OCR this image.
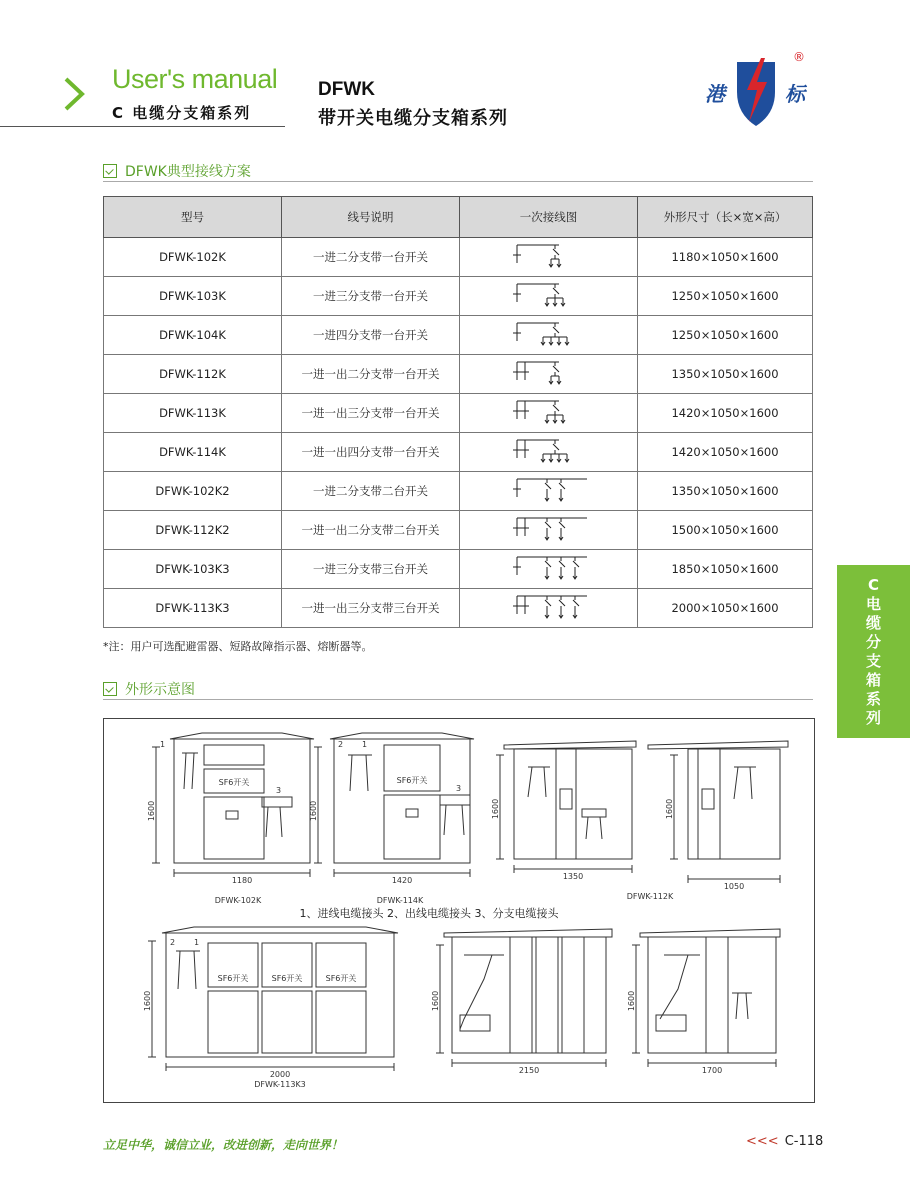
User's manual
C 电缆分支箱系列
DFWK
带开关电缆分支箱系列
港	标
®
DFWK典型接线方案
型号	线号说明	一次接线图	外形尺寸（长×宽×高）
DFWK-102K	一进二分支带一台开关		1180×1050×1600
DFWK-103K	一进三分支带一台开关		1250×1050×1600
DFWK-104K	一进四分支带一台开关		1250×1050×1600
DFWK-112K	一进一出二分支带一台开关		1350×1050×1600
DFWK-113K	一进一出三分支带一台开关		1420×1050×1600
DFWK-114K	一进一出四分支带一台开关		1420×1050×1600
DFWK-102K2	一进二分支带二台开关		1350×1050×1600
DFWK-112K2	一进一出二分支带二台开关		1500×1050×1600
DFWK-103K3	一进三分支带三台开关		1850×1050×1600
DFWK-113K3	一进一出三分支带三台开关		2000×1050×1600
*注：用户可选配避雷器、短路故障指示器、熔断器等。
C
电
缆
分
支
箱
系
列
外形示意图
1600	1600	1600	1600
1600	1600	1600
1180	1420	1350
1050
2000	2150	1700
DFWK-102K	DFWK-114K	DFWK-112K
DFWK-113K3
SF6开关	SF6开关
SF6开关	SF6开关	SF6开关
1
3
2 1
3
2 1
1、进线电缆接头 2、出线电缆接头 3、分支电缆接头
立足中华，诚信立业，改进创新，走向世界！	<<< C-118
